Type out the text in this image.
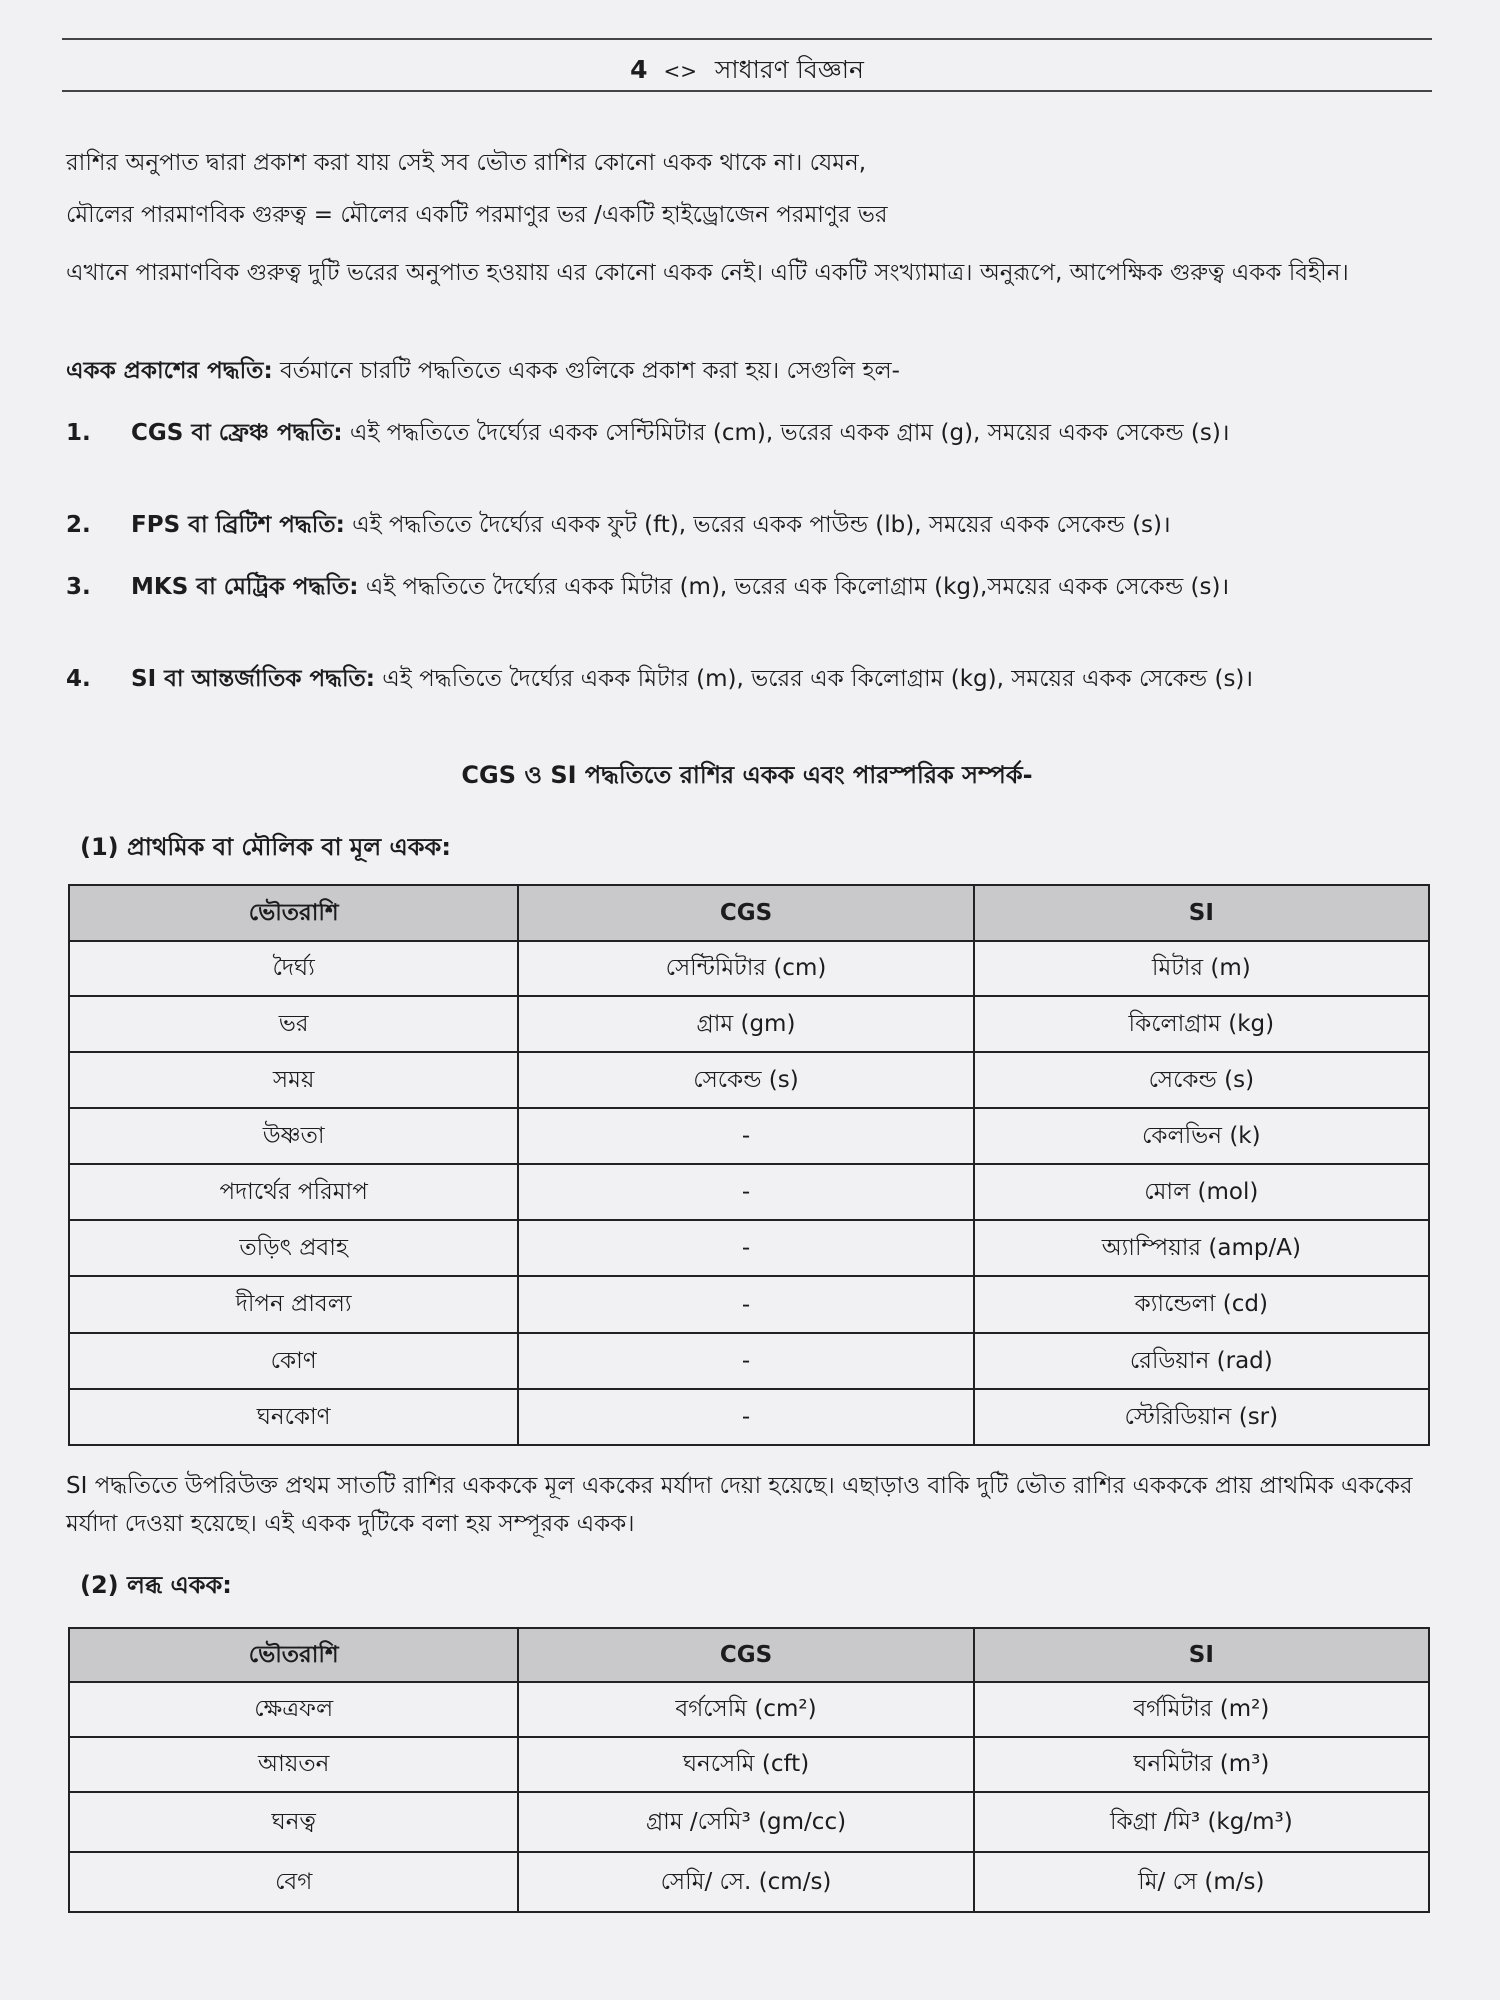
4 <> সাধারণ বিজ্ঞান

রাশির অনুপাত দ্বারা প্রকাশ করা যায় সেই সব ভৌত রাশির কোনো একক থাকে না। যেমন,

মৌলের পারমাণবিক গুরুত্ব = মৌলের একটি পরমাণুর ভর /একটি হাইড্রোজেন পরমাণুর ভর

এখানে পারমাণবিক গুরুত্ব দুটি ভরের অনুপাত হওয়ায় এর কোনো একক নেই। এটি একটি সংখ্যামাত্র। অনুরূপে, আপেক্ষিক গুরুত্ব একক বিহীন।

একক প্রকাশের পদ্ধতি: বর্তমানে চারটি পদ্ধতিতে একক গুলিকে প্রকাশ করা হয়। সেগুলি হল-

1. CGS বা ফ্রেঞ্চ পদ্ধতি: এই পদ্ধতিতে দৈর্ঘ্যের একক সেন্টিমিটার (cm), ভরের একক গ্রাম (g), সময়ের একক সেকেন্ড (s)।
2. FPS বা ব্রিটিশ পদ্ধতি: এই পদ্ধতিতে দৈর্ঘ্যের একক ফুট (ft), ভরের একক পাউন্ড (lb), সময়ের একক সেকেন্ড (s)।
3. MKS বা মেট্রিক পদ্ধতি: এই পদ্ধতিতে দৈর্ঘ্যের একক মিটার (m), ভরের এক কিলোগ্রাম (kg),সময়ের একক সেকেন্ড (s)।
4. SI বা আন্তর্জাতিক পদ্ধতি: এই পদ্ধতিতে দৈর্ঘ্যের একক মিটার (m), ভরের এক কিলোগ্রাম (kg), সময়ের একক সেকেন্ড (s)।
CGS ও SI পদ্ধতিতে রাশির একক এবং পারস্পরিক সম্পর্ক-
(1) প্রাথমিক বা মৌলিক বা মূল একক:
ভৌতরাশি	CGS	SI
দৈর্ঘ্য	সেন্টিমিটার (cm)	মিটার (m)
ভর	গ্রাম (gm)	কিলোগ্রাম (kg)
সময়	সেকেন্ড (s)	সেকেন্ড (s)
উষ্ণতা	-	কেলভিন (k)
পদার্থের পরিমাপ	-	মোল (mol)
তড়িৎ প্রবাহ	-	অ্যাম্পিয়ার (amp/A)
দীপন প্রাবল্য	-	ক্যান্ডেলা (cd)
কোণ	-	রেডিয়ান (rad)
ঘনকোণ	-	স্টেরিডিয়ান (sr)

SI পদ্ধতিতে উপরিউক্ত প্রথম সাতটি রাশির একককে মূল এককের মর্যাদা দেয়া হয়েছে। এছাড়াও বাকি দুটি ভৌত রাশির একককে প্রায় প্রাথমিক এককের মর্যাদা দেওয়া হয়েছে। এই একক দুটিকে বলা হয় সম্পূরক একক।

(2) লব্ধ একক:
ভৌতরাশি	CGS	SI
ক্ষেত্রফল	বর্গসেমি (cm²)	বর্গমিটার (m²)
আয়তন	ঘনসেমি (cft)	ঘনমিটার (m³)
ঘনত্ব	গ্রাম /সেমি³ (gm/cc)	কিগ্রা /মি³ (kg/m³)
বেগ	সেমি/ সে. (cm/s)	মি/ সে (m/s)
